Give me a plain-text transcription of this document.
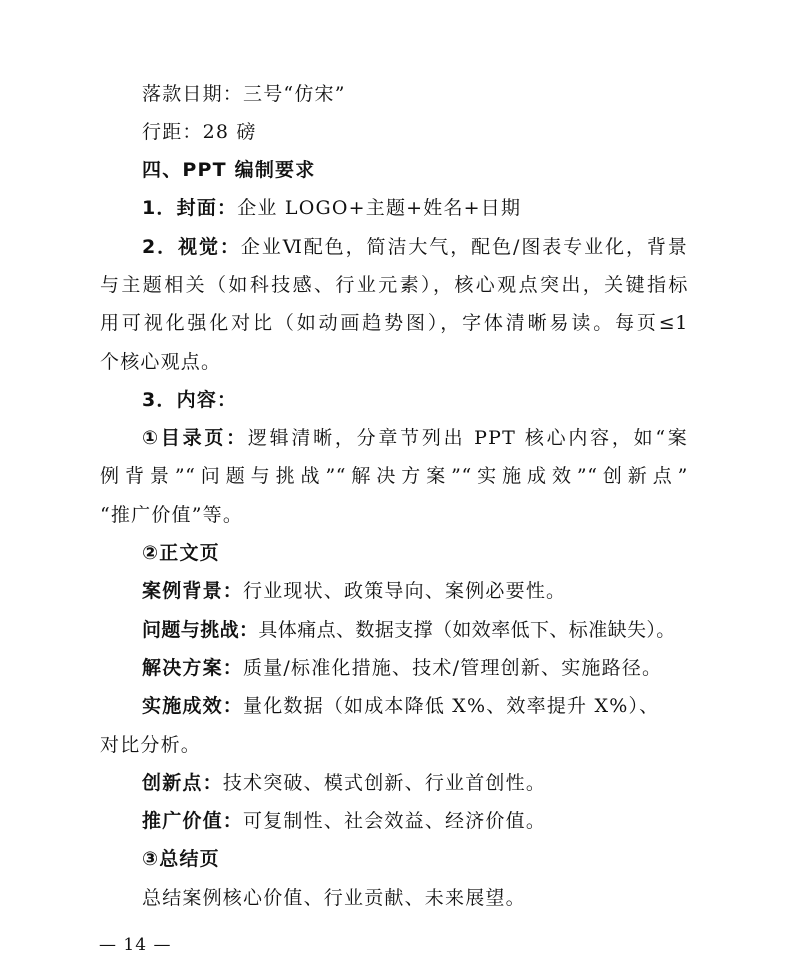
落款日期：三号“仿宋”
行距：28 磅
四、PPT 编制要求
1．封面：企业 LOGO+主题+姓名+日期
2．视觉：企业Ⅵ配色，简洁大气，配色/图表专业化，背景
与主题相关（如科技感、行业元素），核心观点突出，关键指标
用可视化强化对比（如动画趋势图），字体清晰易读。每页≤1
个核心观点。
3．内容：
①目录页：逻辑清晰，分章节列出 PPT 核心内容，如“案
例背景”“问题与挑战”“解决方案”“实施成效”“创新点”
“推广价值”等。
②正文页
案例背景：行业现状、政策导向、案例必要性。
问题与挑战：具体痛点、数据支撑（如效率低下、标准缺失）。
解决方案：质量/标准化措施、技术/管理创新、实施路径。
实施成效：量化数据（如成本降低 X%、效率提升 X%）、
对比分析。
创新点：技术突破、模式创新、行业首创性。
推广价值：可复制性、社会效益、经济价值。
③总结页
总结案例核心价值、行业贡献、未来展望。
— 14 —
